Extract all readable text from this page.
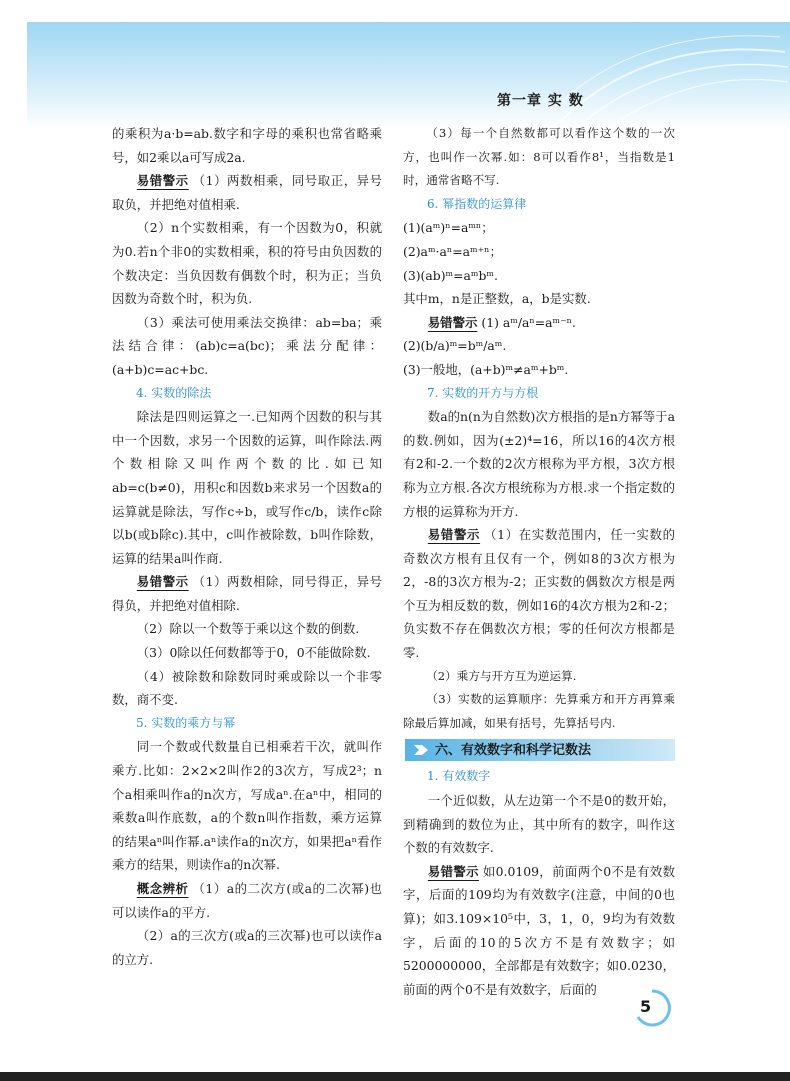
第一章 实 数

的乘积为a·b=ab.数字和字母的乘积也常省略乘号，如2乘以a可写成2a.

易错警示 （1）两数相乘，同号取正，异号取负，并把绝对值相乘.

（2）n个实数相乘，有一个因数为0，积就为0.若n个非0的实数相乘，积的符号由负因数的个数决定：当负因数有偶数个时，积为正；当负因数为奇数个时，积为负.

（3）乘法可使用乘法交换律：ab=ba；乘法结合律：(ab)c=a(bc)；乘法分配律：(a+b)c=ac+bc.

4. 实数的除法

除法是四则运算之一.已知两个因数的积与其中一个因数，求另一个因数的运算，叫作除法.两个数相除又叫作两个数的比.如已知ab=c(b≠0)，用积c和因数b来求另一个因数a的运算就是除法，写作c÷b，或写作c/b，读作c除以b(或b除c).其中，c叫作被除数，b叫作除数，运算的结果a叫作商.

易错警示 （1）两数相除，同号得正，异号得负，并把绝对值相除.

（2）除以一个数等于乘以这个数的倒数.

（3）0除以任何数都等于0，0不能做除数.

（4）被除数和除数同时乘或除以一个非零数，商不变.

5. 实数的乘方与幂

同一个数或代数量自已相乘若干次，就叫作乘方.比如：2×2×2叫作2的3次方，写成2³；n个a相乘叫作a的n次方，写成aⁿ.在aⁿ中，相同的乘数a叫作底数，a的个数n叫作指数，乘方运算的结果aⁿ叫作幂.aⁿ读作a的n次方，如果把aⁿ看作乘方的结果，则读作a的n次幂.

概念辨析 （1）a的二次方(或a的二次幂)也可以读作a的平方.

（2）a的三次方(或a的三次幂)也可以读作a的立方.

（3）每一个自然数都可以看作这个数的一次方，也叫作一次幂.如：8可以看作8¹，当指数是1时，通常省略不写.

6. 幂指数的运算律

(1)(aᵐ)ⁿ=aᵐⁿ；

(2)aᵐ·aⁿ=aᵐ⁺ⁿ；

(3)(ab)ᵐ=aᵐbᵐ.

其中m，n是正整数，a，b是实数.

易错警示 (1) aᵐ/aⁿ=aᵐ⁻ⁿ.

(2)(b/a)ᵐ=bᵐ/aᵐ.

(3)一般地，(a+b)ᵐ≠aᵐ+bᵐ.

7. 实数的开方与方根

数a的n(n为自然数)次方根指的是n方幂等于a的数.例如，因为(±2)⁴=16，所以16的4次方根有2和-2.一个数的2次方根称为平方根，3次方根称为立方根.各次方根统称为方根.求一个指定数的方根的运算称为开方.

易错警示 （1）在实数范围内，任一实数的奇数次方根有且仅有一个，例如8的3次方根为2，-8的3次方根为-2；正实数的偶数次方根是两个互为相反数的数，例如16的4次方根为2和-2；负实数不存在偶数次方根；零的任何次方根都是零.

（2）乘方与开方互为逆运算.

（3）实数的运算顺序：先算乘方和开方再算乘除最后算加减，如果有括号，先算括号内.

六、有效数字和科学记数法

1. 有效数字

一个近似数，从左边第一个不是0的数开始，到精确到的数位为止，其中所有的数字，叫作这个数的有效数字.

易错警示 如0.0109，前面两个0不是有效数字，后面的109均为有效数字(注意，中间的0也算)；如3.109×10⁵中，3，1，0，9均为有效数字，后面的10的5次方不是有效数字；如5200000000，全部都是有效数字；如0.0230，前面的两个0不是有效数字，后面的

5
